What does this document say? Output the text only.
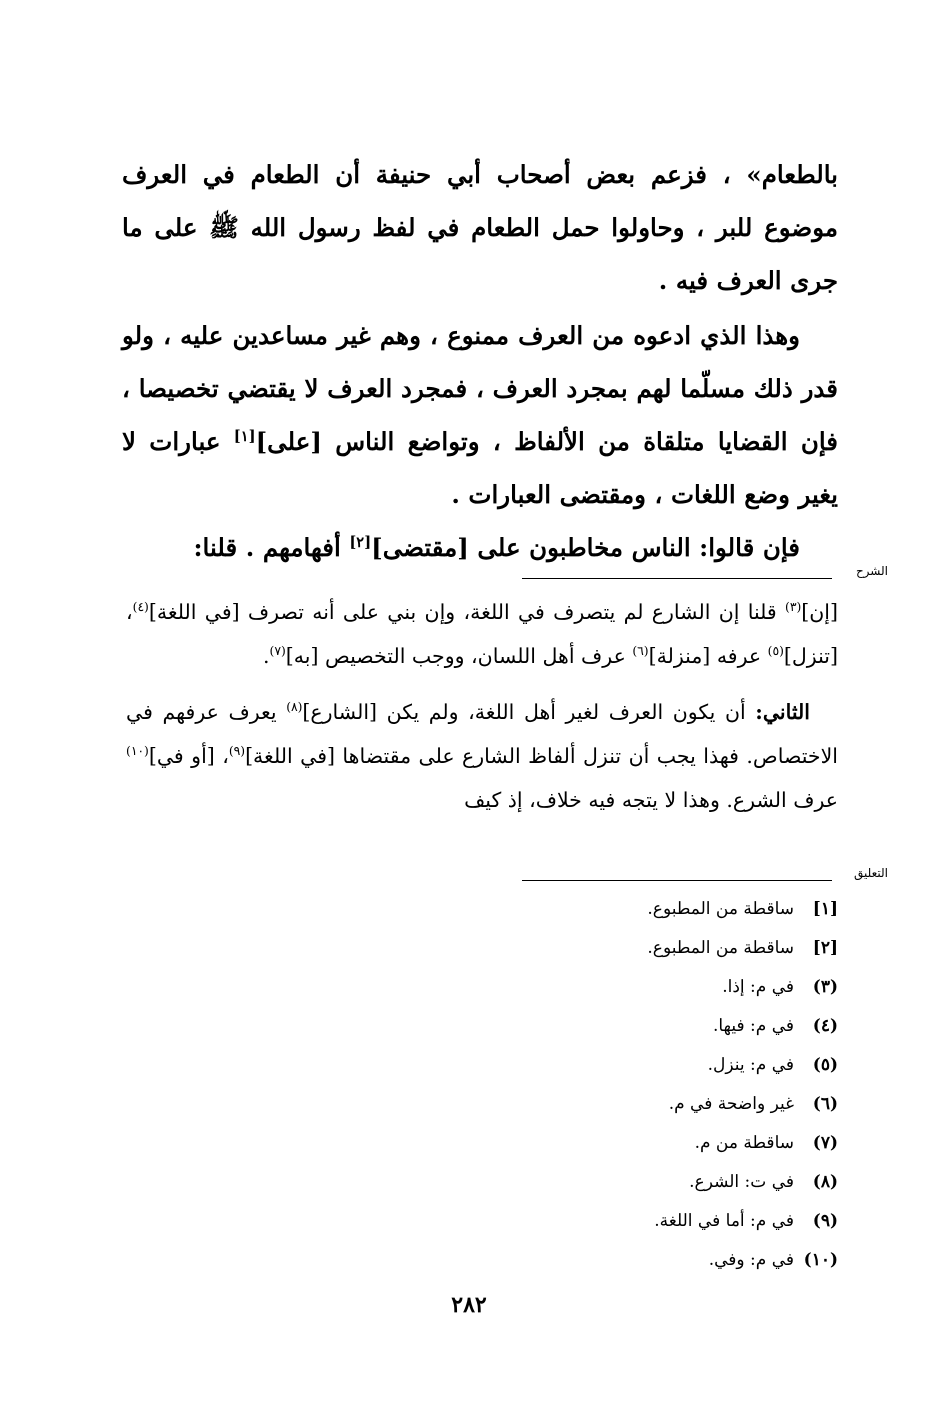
بالطعام» ، فزعم بعض أصحاب أبي حنيفة أن الطعام في العرف موضوع للبر ، وحاولوا حمل الطعام في لفظ رسول الله ﷺ على ما جرى العرف فيه .

وهذا الذي ادعوه من العرف ممنوع ، وهم غير مساعدين عليه ، ولو قدر ذلك مسلّما لهم بمجرد العرف ، فمجرد العرف لا يقتضي تخصيصا ، فإن القضايا متلقاة من الألفاظ ، وتواضع الناس [على][١] عبارات لا يغير وضع اللغات ، ومقتضى العبارات .

فإن قالوا: الناس مخاطبون على [مقتضى][٢] أفهامهم . قلنا:

الشرح

[إن]$^{(٣)}$ قلنا إن الشارع لم يتصرف في اللغة، وإن بني على أنه تصرف [في اللغة]$^{(٤)}$، [تنزل]$^{(٥)}$ عرفه [منزلة]$^{(٦)}$ عرف أهل اللسان، ووجب التخصيص [به]$^{(٧)}$.

الثاني: أن يكون العرف لغير أهل اللغة، ولم يكن [الشارع]$^{(٨)}$ يعرف عرفهم في الاختصاص. فهذا يجب أن تنزل ألفاظ الشارع على مقتضاها [في اللغة]$^{(٩)}$، [أو في]$^{(١٠)}$ عرف الشرع. وهذا لا يتجه فيه خلاف، إذ كيف

التعليق
[١]
ساقطة من المطبوع.
[٢]
ساقطة من المطبوع.
(٣)
في م: إذا.
(٤)
في م: فيها.
(٥)
في م: ينزل.
(٦)
غير واضحة في م.
(٧)
ساقطة من م.
(٨)
في ت: الشرع.
(٩)
في م: أما في اللغة.
(١٠)
في م: وفي.
٢٨٢
